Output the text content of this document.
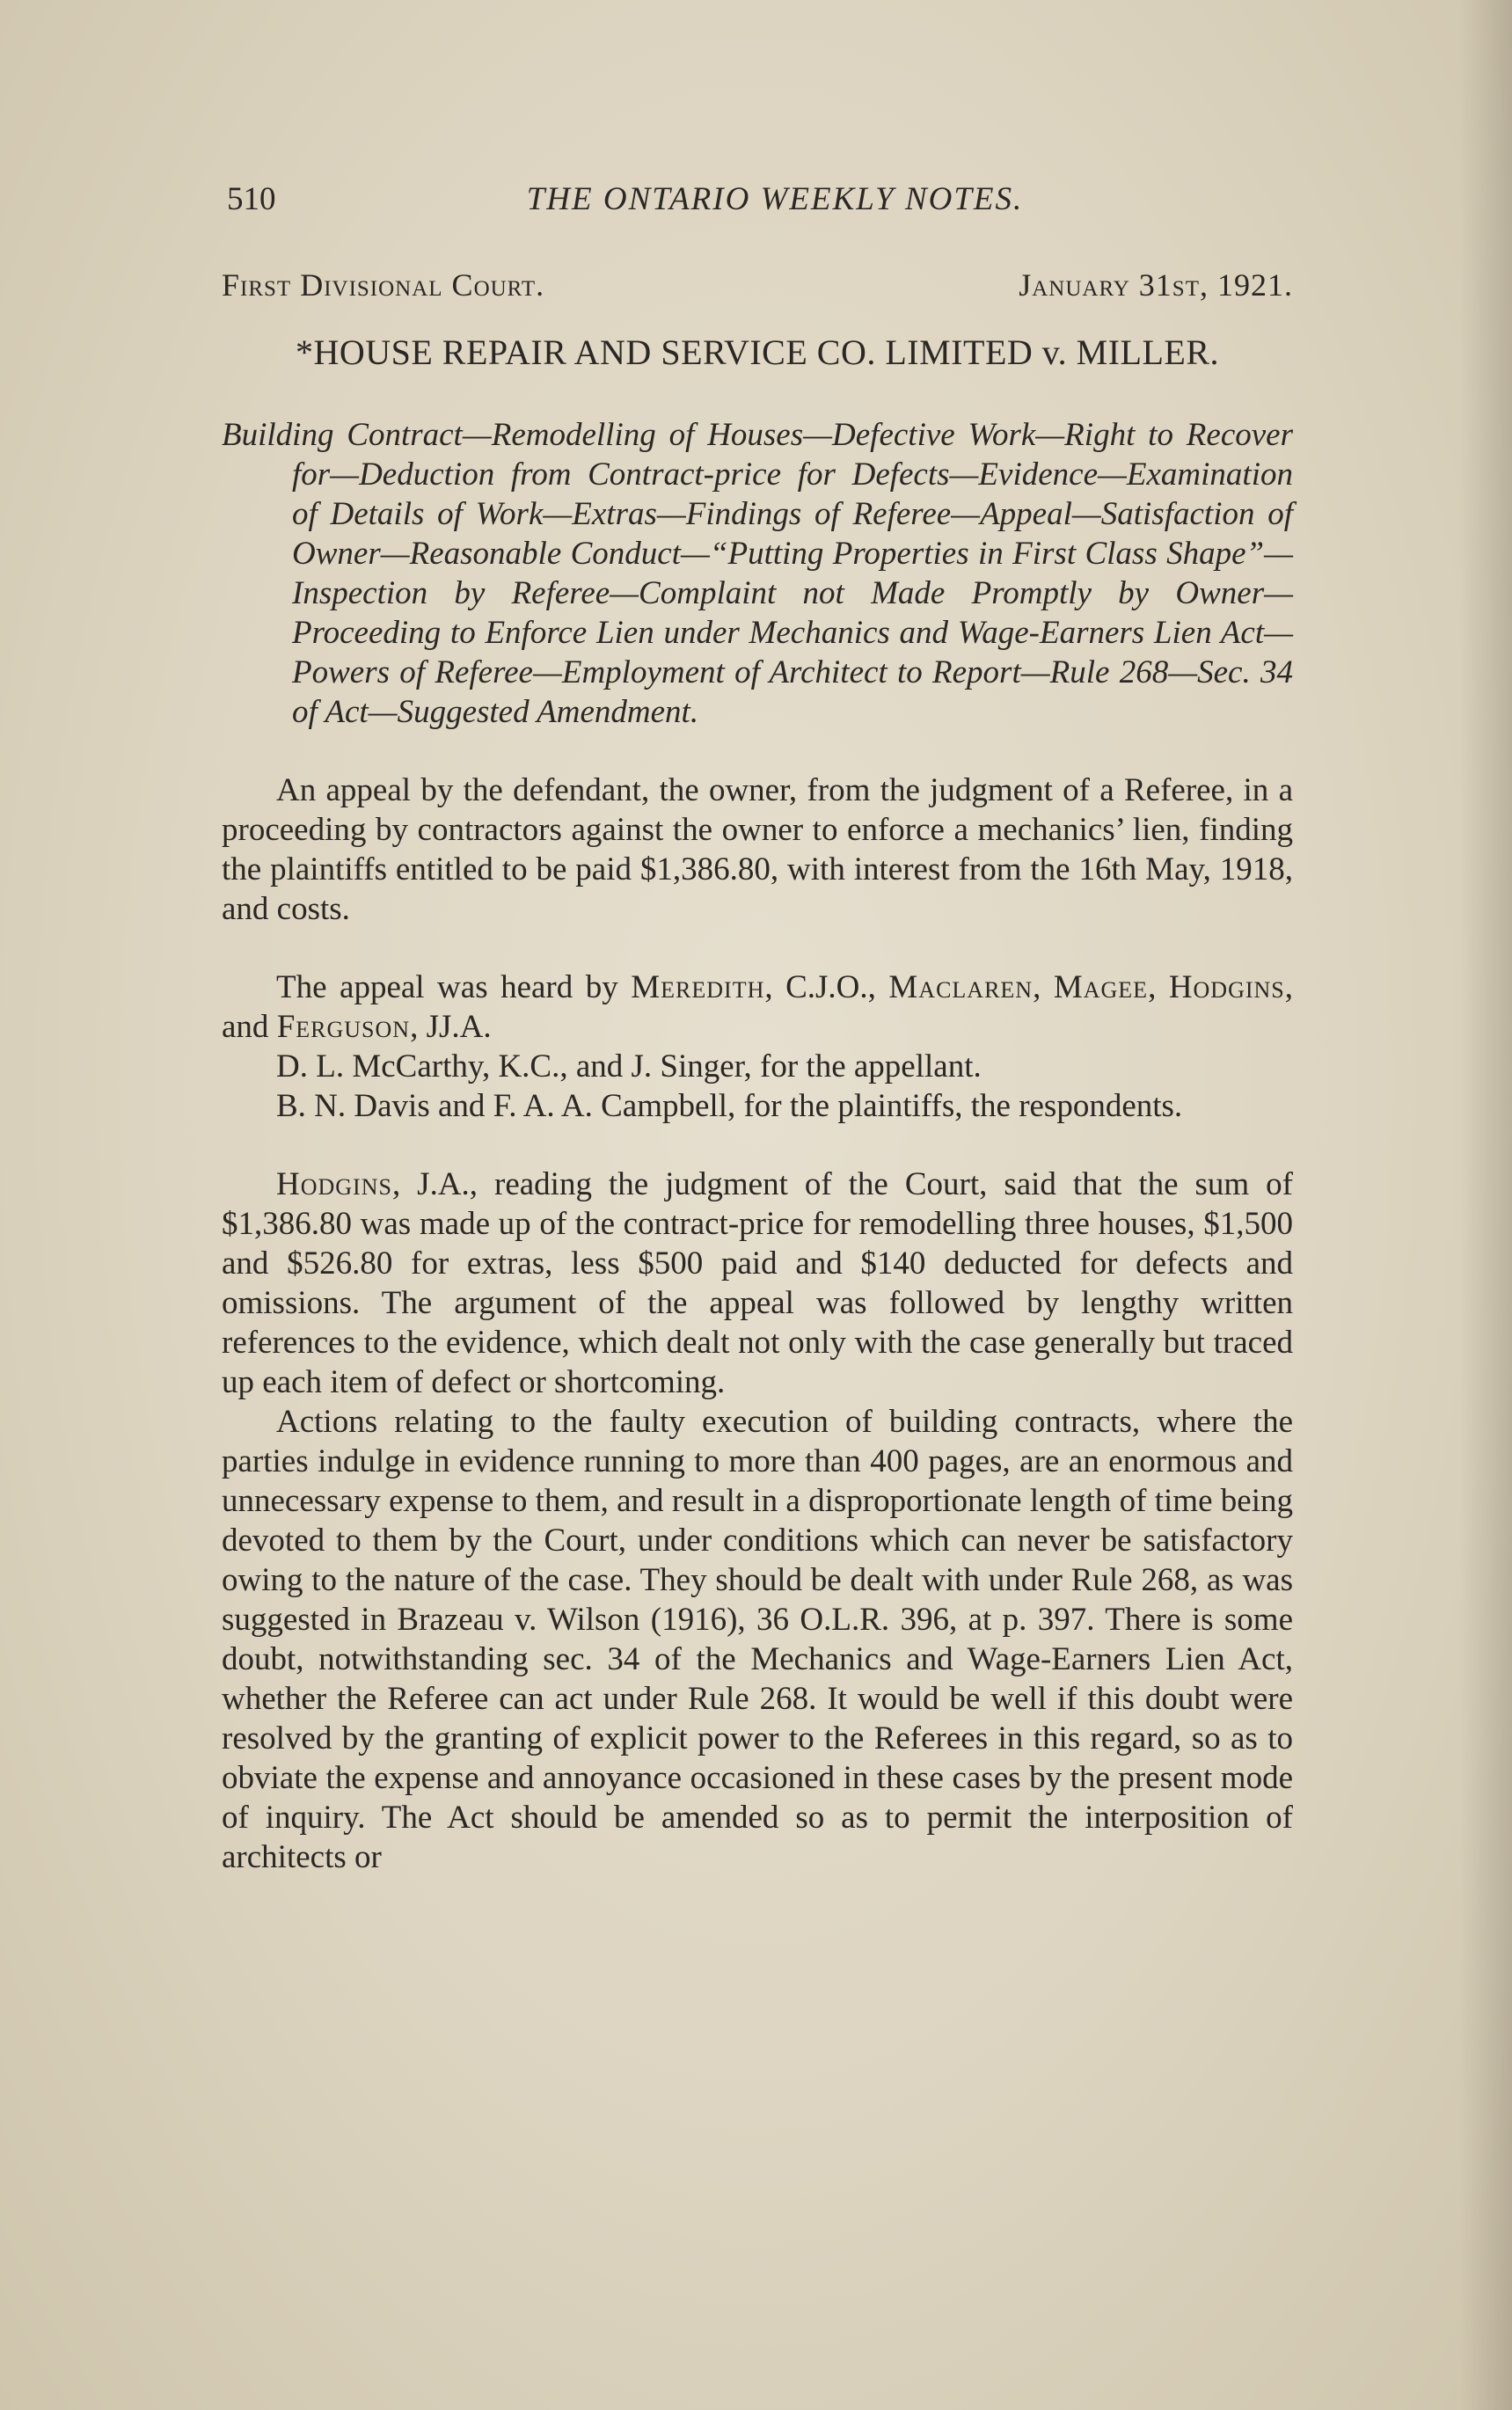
510	THE ONTARIO WEEKLY NOTES.
First Divisional Court.	January 31st, 1921.
*HOUSE REPAIR AND SERVICE CO. LIMITED v. MILLER.

Building Contract—Remodelling of Houses—Defective Work—Right to Recover for—Deduction from Contract-price for Defects—Evidence—Examination of Details of Work—Extras—Findings of Referee—Appeal—Satisfaction of Owner—Reasonable Conduct—“Putting Properties in First Class Shape”—Inspection by Referee—Complaint not Made Promptly by Owner—Proceeding to Enforce Lien under Mechanics and Wage-Earners Lien Act—Powers of Referee—Employment of Architect to Report—Rule 268—Sec. 34 of Act—Suggested Amendment.

An appeal by the defendant, the owner, from the judgment of a Referee, in a proceeding by contractors against the owner to enforce a mechanics’ lien, finding the plaintiffs entitled to be paid $1,386.80, with interest from the 16th May, 1918, and costs.

The appeal was heard by Meredith, C.J.O., Maclaren, Magee, Hodgins, and Ferguson, JJ.A.

D. L. McCarthy, K.C., and J. Singer, for the appellant.

B. N. Davis and F. A. A. Campbell, for the plaintiffs, the respondents.

Hodgins, J.A., reading the judgment of the Court, said that the sum of $1,386.80 was made up of the contract-price for remodelling three houses, $1,500 and $526.80 for extras, less $500 paid and $140 deducted for defects and omissions. The argument of the appeal was followed by lengthy written references to the evidence, which dealt not only with the case generally but traced up each item of defect or shortcoming.

Actions relating to the faulty execution of building contracts, where the parties indulge in evidence running to more than 400 pages, are an enormous and unnecessary expense to them, and result in a disproportionate length of time being devoted to them by the Court, under conditions which can never be satisfactory owing to the nature of the case. They should be dealt with under Rule 268, as was suggested in Brazeau v. Wilson (1916), 36 O.L.R. 396, at p. 397. There is some doubt, notwithstanding sec. 34 of the Mechanics and Wage-Earners Lien Act, whether the Referee can act under Rule 268. It would be well if this doubt were resolved by the granting of explicit power to the Referees in this regard, so as to obviate the expense and annoyance occasioned in these cases by the present mode of inquiry. The Act should be amended so as to permit the interposition of architects or
